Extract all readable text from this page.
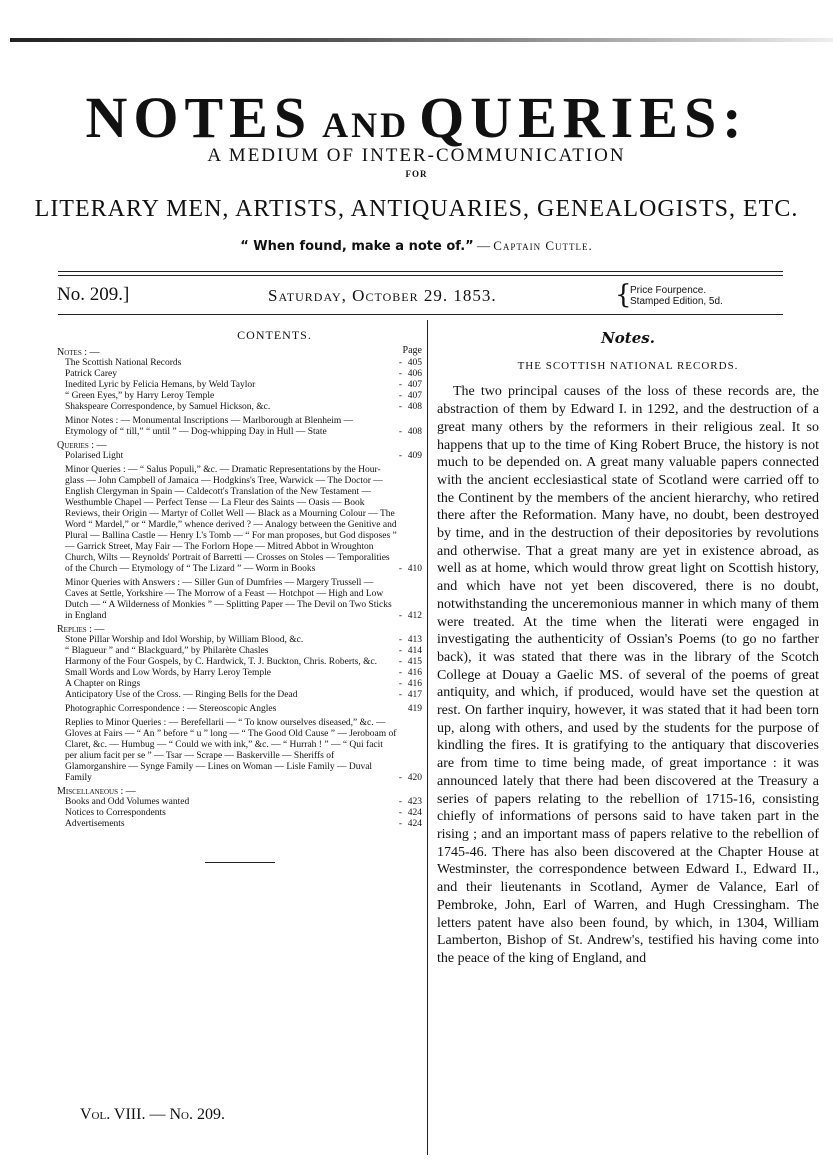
NOTES AND QUERIES:
A MEDIUM OF INTER-COMMUNICATION
FOR
LITERARY MEN, ARTISTS, ANTIQUARIES, GENEALOGISTS, ETC.
“ When found, make a note of.” — Captain Cuttle.
No. 209.]	Saturday, October 29. 1853.	{
Price Fourpence.
Stamped Edition, 5d.
CONTENTS.
Notes : —	Page
The Scottish National Records	- 405
Patrick Carey	- 406
Inedited Lyric by Felicia Hemans, by Weld Taylor	- 407
“ Green Eyes,” by Harry Leroy Temple	- 407
Shakspeare Correspondence, by Samuel Hickson, &c.	- 408
Minor Notes : — Monumental Inscriptions — Marlborough at Blenheim — Etymology of “ till,” “ until ” — Dog-whipping Day in Hull — State	- 408
Queries : —
Polarised Light	- 409
Minor Queries : — “ Salus Populi,” &c. — Dramatic Representations by the Hour-glass — John Campbell of Jamaica — Hodgkins's Tree, Warwick — The Doctor — English Clergyman in Spain — Caldecott's Translation of the New Testament — Westhumble Chapel — Perfect Tense — La Fleur des Saints — Oasis — Book Reviews, their Origin — Martyr of Collet Well — Black as a Mourning Colour — The Word “ Mardel,” or “ Mardle,” whence derived ? — Analogy between the Genitive and Plural — Ballina Castle — Henry I.'s Tomb — “ For man proposes, but God disposes ” — Garrick Street, May Fair — The Forlorn Hope — Mitred Abbot in Wroughton Church, Wilts — Reynolds' Portrait of Barretti — Crosses on Stoles — Temporalities of the Church — Etymology of “ The Lizard ” — Worm in Books	- 410
Minor Queries with Answers : — Siller Gun of Dumfries — Margery Trussell — Caves at Settle, Yorkshire — The Morrow of a Feast — Hotchpot — High and Low Dutch — “ A Wilderness of Monkies ” — Splitting Paper — The Devil on Two Sticks in England	- 412
Replies : —
Stone Pillar Worship and Idol Worship, by William Blood, &c.	- 413
“ Blagueur ” and “ Blackguard,” by Philarète Chasles	- 414
Harmony of the Four Gospels, by C. Hardwick, T. J. Buckton, Chris. Roberts, &c.	- 415
Small Words and Low Words, by Harry Leroy Temple	- 416
A Chapter on Rings	- 416
Anticipatory Use of the Cross. — Ringing Bells for the Dead	- 417
Photographic Correspondence : — Stereoscopic Angles	419
Replies to Minor Queries : — Berefellarii — “ To know ourselves diseased,” &c. — Gloves at Fairs — “ An ” before “ u ” long — “ The Good Old Cause ” — Jeroboam of Claret, &c. — Humbug — “ Could we with ink,” &c. — “ Hurrah ! ” — “ Qui facit per alium facit per se ” — Tsar — Scrape — Baskerville — Sheriffs of Glamorganshire — Synge Family — Lines on Woman — Lisle Family — Duval Family	- 420
Miscellaneous : —
Books and Odd Volumes wanted	- 423
Notices to Correspondents	- 424
Advertisements	- 424
Vol. VIII. — No. 209.
Notes.
THE SCOTTISH NATIONAL RECORDS.

The two principal causes of the loss of these records are, the abstraction of them by Edward I. in 1292, and the destruction of a great many others by the reformers in their religious zeal. It so happens that up to the time of King Robert Bruce, the history is not much to be depended on. A great many valuable papers connected with the ancient ecclesiastical state of Scotland were carried off to the Continent by the members of the ancient hierarchy, who retired there after the Reformation. Many have, no doubt, been destroyed by time, and in the destruction of their depositories by revolutions and otherwise. That a great many are yet in existence abroad, as well as at home, which would throw great light on Scottish history, and which have not yet been discovered, there is no doubt, notwithstanding the unceremonious manner in which many of them were treated. At the time when the literati were engaged in investigating the authenticity of Ossian's Poems (to go no farther back), it was stated that there was in the library of the Scotch College at Douay a Gaelic MS. of several of the poems of great antiquity, and which, if produced, would have set the question at rest. On farther inquiry, however, it was stated that it had been torn up, along with others, and used by the students for the purpose of kindling the fires. It is gratifying to the antiquary that discoveries are from time to time being made, of great importance : it was announced lately that there had been discovered at the Treasury a series of papers relating to the rebellion of 1715-16, consisting chiefly of informations of persons said to have taken part in the rising ; and an important mass of papers relative to the rebellion of 1745-46. There has also been discovered at the Chapter House at Westminster, the correspondence between Edward I., Edward II., and their lieutenants in Scotland, Aymer de Valance, Earl of Pembroke, John, Earl of Warren, and Hugh Cressingham. The letters patent have also been found, by which, in 1304, William Lamberton, Bishop of St. Andrew's, testified his having come into the peace of the king of England, and
